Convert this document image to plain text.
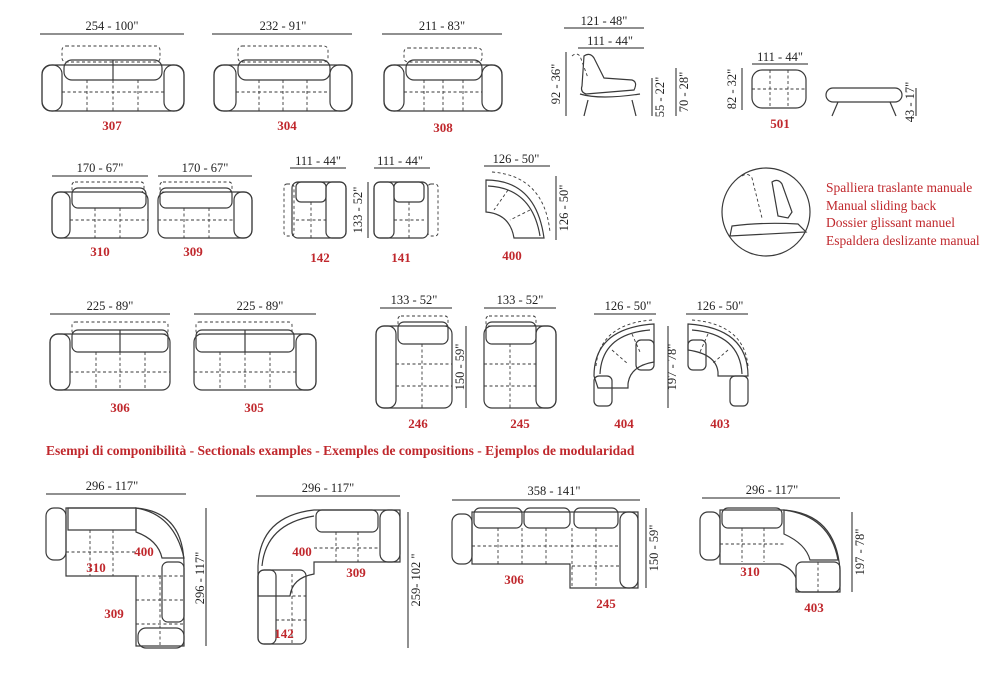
254 - 100"
307
232 - 91"
304
211 - 83"
308
121 - 48"
111 - 44"
92 - 36"	55 - 22" 70 - 28"
111 - 44"
82 - 32"
501
43 - 17"
170 - 67"
310
170 - 67"
309
111 - 44"
142
111 - 44"
133 - 52"
141
126 - 50"
126 - 50"
400
Spalliera traslante manuale
Manual sliding back
Dossier glissant manuel
Espaldera deslizante manual
225 - 89"
306
225 - 89"
305
133 - 52"
246
150 - 59"
133 - 52"
245
126 - 50"
404
197 - 78"
126 - 50"
403
Esempi di componibilità - Sectionals examples - Exemples de compositions - Ejemplos de modularidad
296 - 117"
296 - 117"
310
400
309
296 - 117"
259- 102 "
400
309
142
358 - 141"
150 - 59"
306
245
296 - 117"
197 - 78"
310
403
